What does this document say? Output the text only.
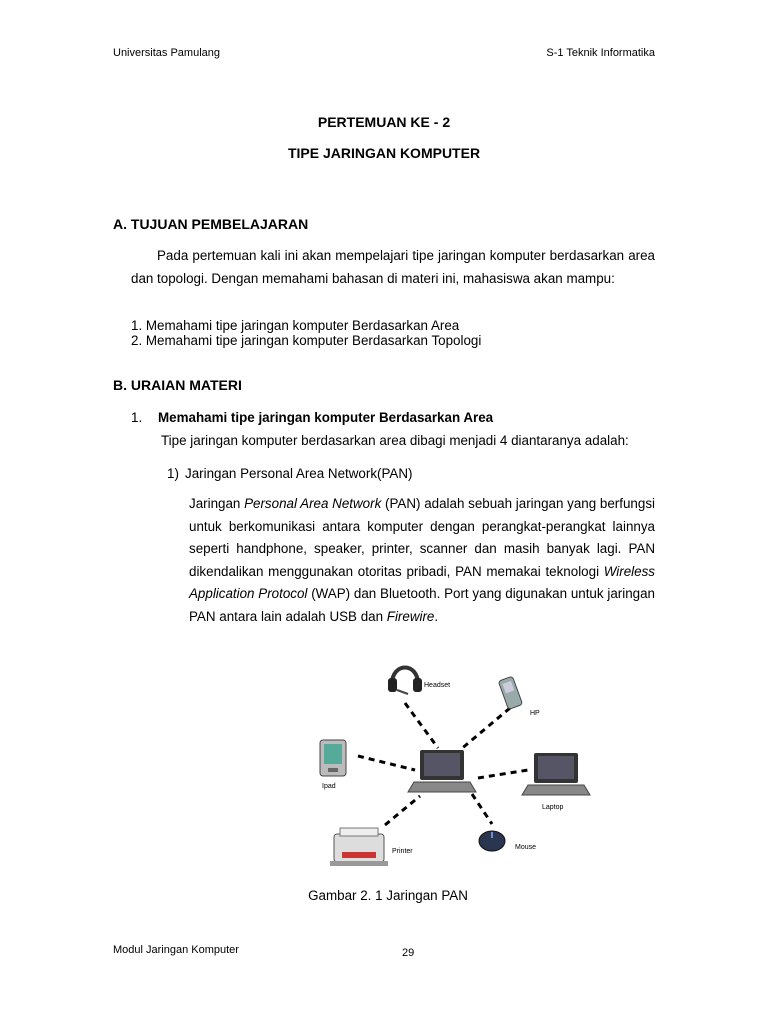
Universitas Pamulang	S-1 Teknik Informatika
PERTEMUAN KE - 2
TIPE JARINGAN KOMPUTER
A. TUJUAN PEMBELAJARAN
Pada pertemuan kali ini akan mempelajari tipe jaringan komputer berdasarkan area dan topologi. Dengan memahami bahasan di materi ini, mahasiswa akan mampu:
1. Memahami tipe jaringan komputer Berdasarkan Area
2. Memahami tipe jaringan komputer Berdasarkan Topologi
B. URAIAN MATERI
1. Memahami tipe jaringan komputer Berdasarkan Area
Tipe jaringan komputer berdasarkan area dibagi menjadi 4 diantaranya adalah:
1) Jaringan Personal Area Network(PAN)
Jaringan Personal Area Network (PAN) adalah sebuah jaringan yang berfungsi untuk berkomunikasi antara komputer dengan perangkat-perangkat lainnya seperti handphone, speaker, printer, scanner dan masih banyak lagi. PAN dikendalikan menggunakan otoritas pribadi, PAN memakai teknologi Wireless Application Protocol (WAP) dan Bluetooth. Port yang digunakan untuk jaringan PAN antara lain adalah USB dan Firewire.
Headset
HP
Ipad
Laptop
Mouse
Printer
Gambar 2. 1 Jaringan PAN
Modul Jaringan Komputer	29
